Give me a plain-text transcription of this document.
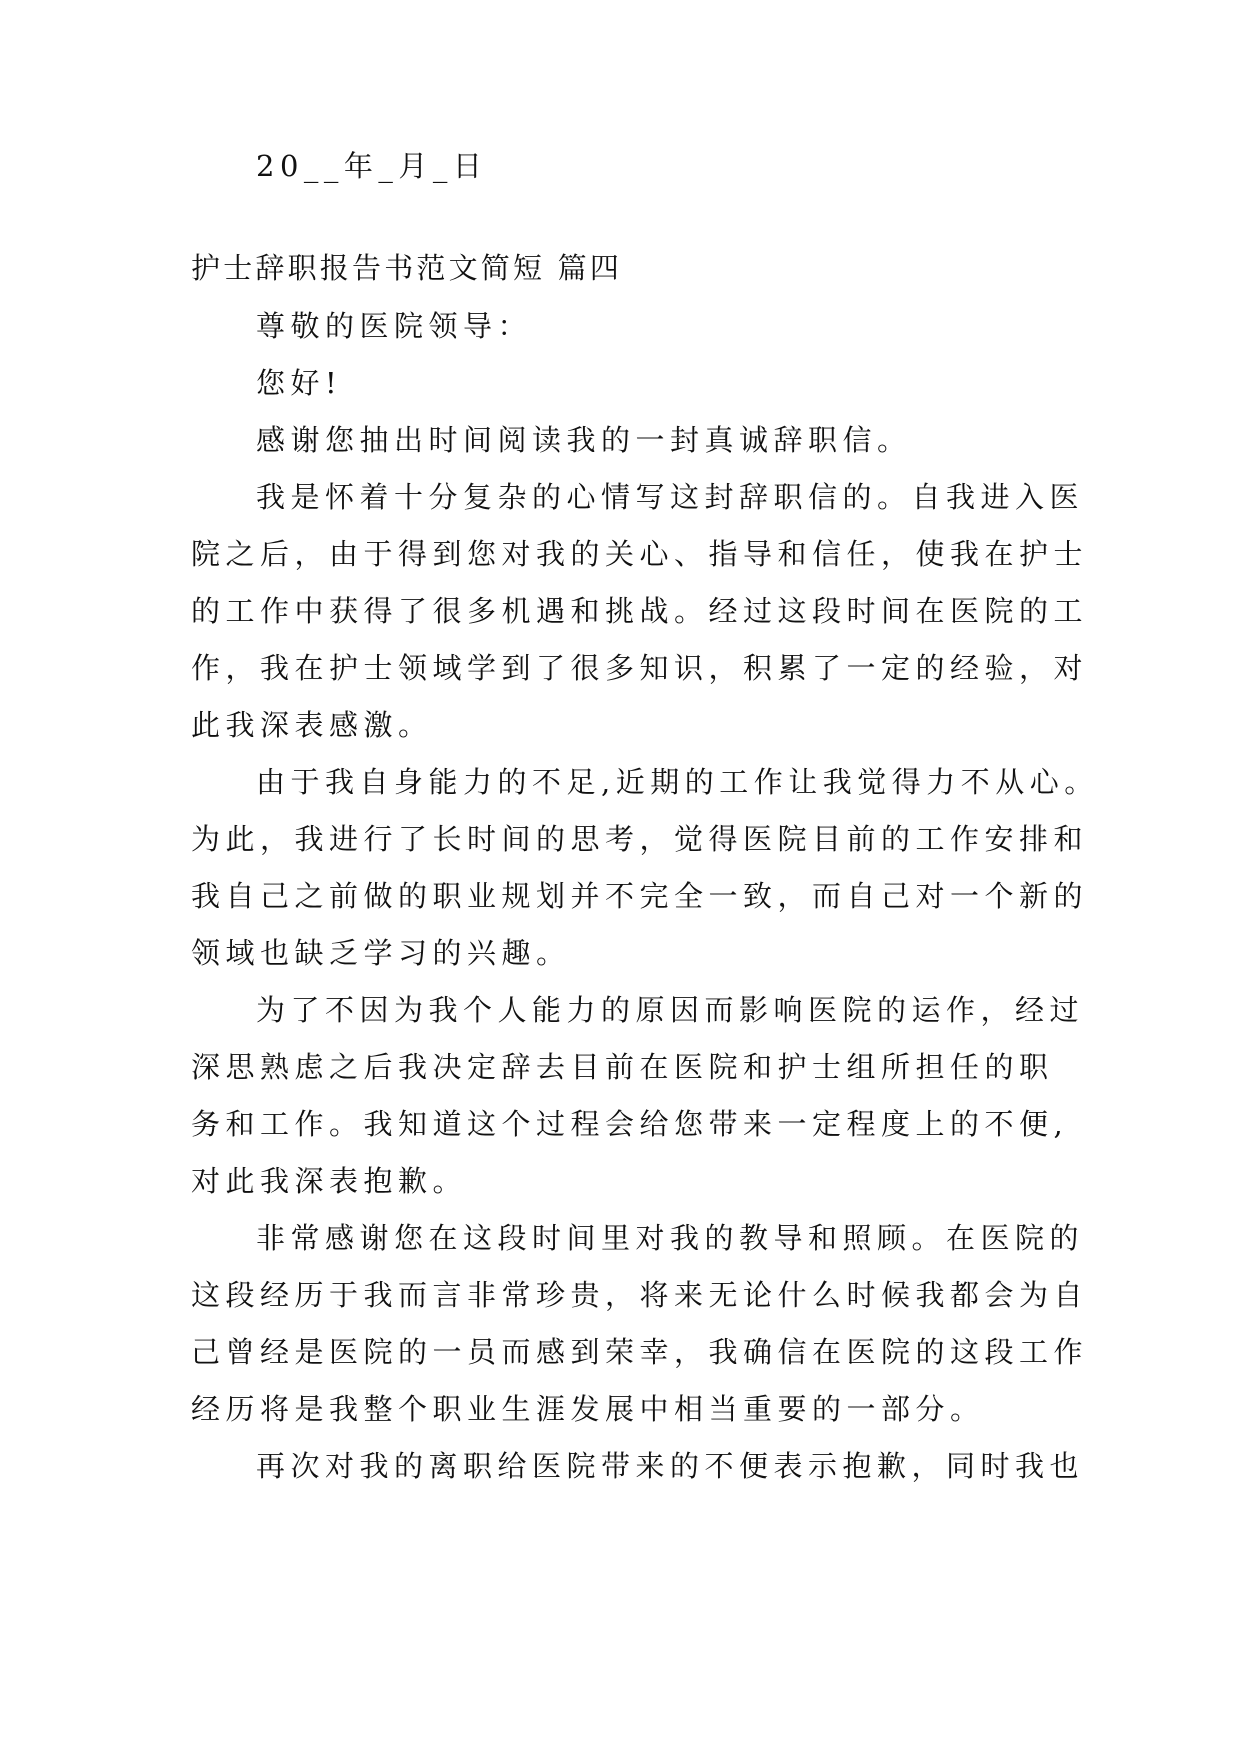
20__年_月_日
护士辞职报告书范文简短 篇四
尊敬的医院领导：
您好!
感谢您抽出时间阅读我的一封真诚辞职信。
我是怀着十分复杂的心情写这封辞职信的。自我进入医
院之后，由于得到您对我的关心、指导和信任，使我在护士
的工作中获得了很多机遇和挑战。经过这段时间在医院的工
作，我在护士领域学到了很多知识，积累了一定的经验，对
此我深表感激。
由于我自身能力的不足,近期的工作让我觉得力不从心。
为此，我进行了长时间的思考，觉得医院目前的工作安排和
我自己之前做的职业规划并不完全一致，而自己对一个新的
领域也缺乏学习的兴趣。
为了不因为我个人能力的原因而影响医院的运作，经过
深思熟虑之后我决定辞去目前在医院和护士组所担任的职
务和工作。我知道这个过程会给您带来一定程度上的不便,
对此我深表抱歉。
非常感谢您在这段时间里对我的教导和照顾。在医院的
这段经历于我而言非常珍贵，将来无论什么时候我都会为自
己曾经是医院的一员而感到荣幸，我确信在医院的这段工作
经历将是我整个职业生涯发展中相当重要的一部分。
再次对我的离职给医院带来的不便表示抱歉，同时我也
